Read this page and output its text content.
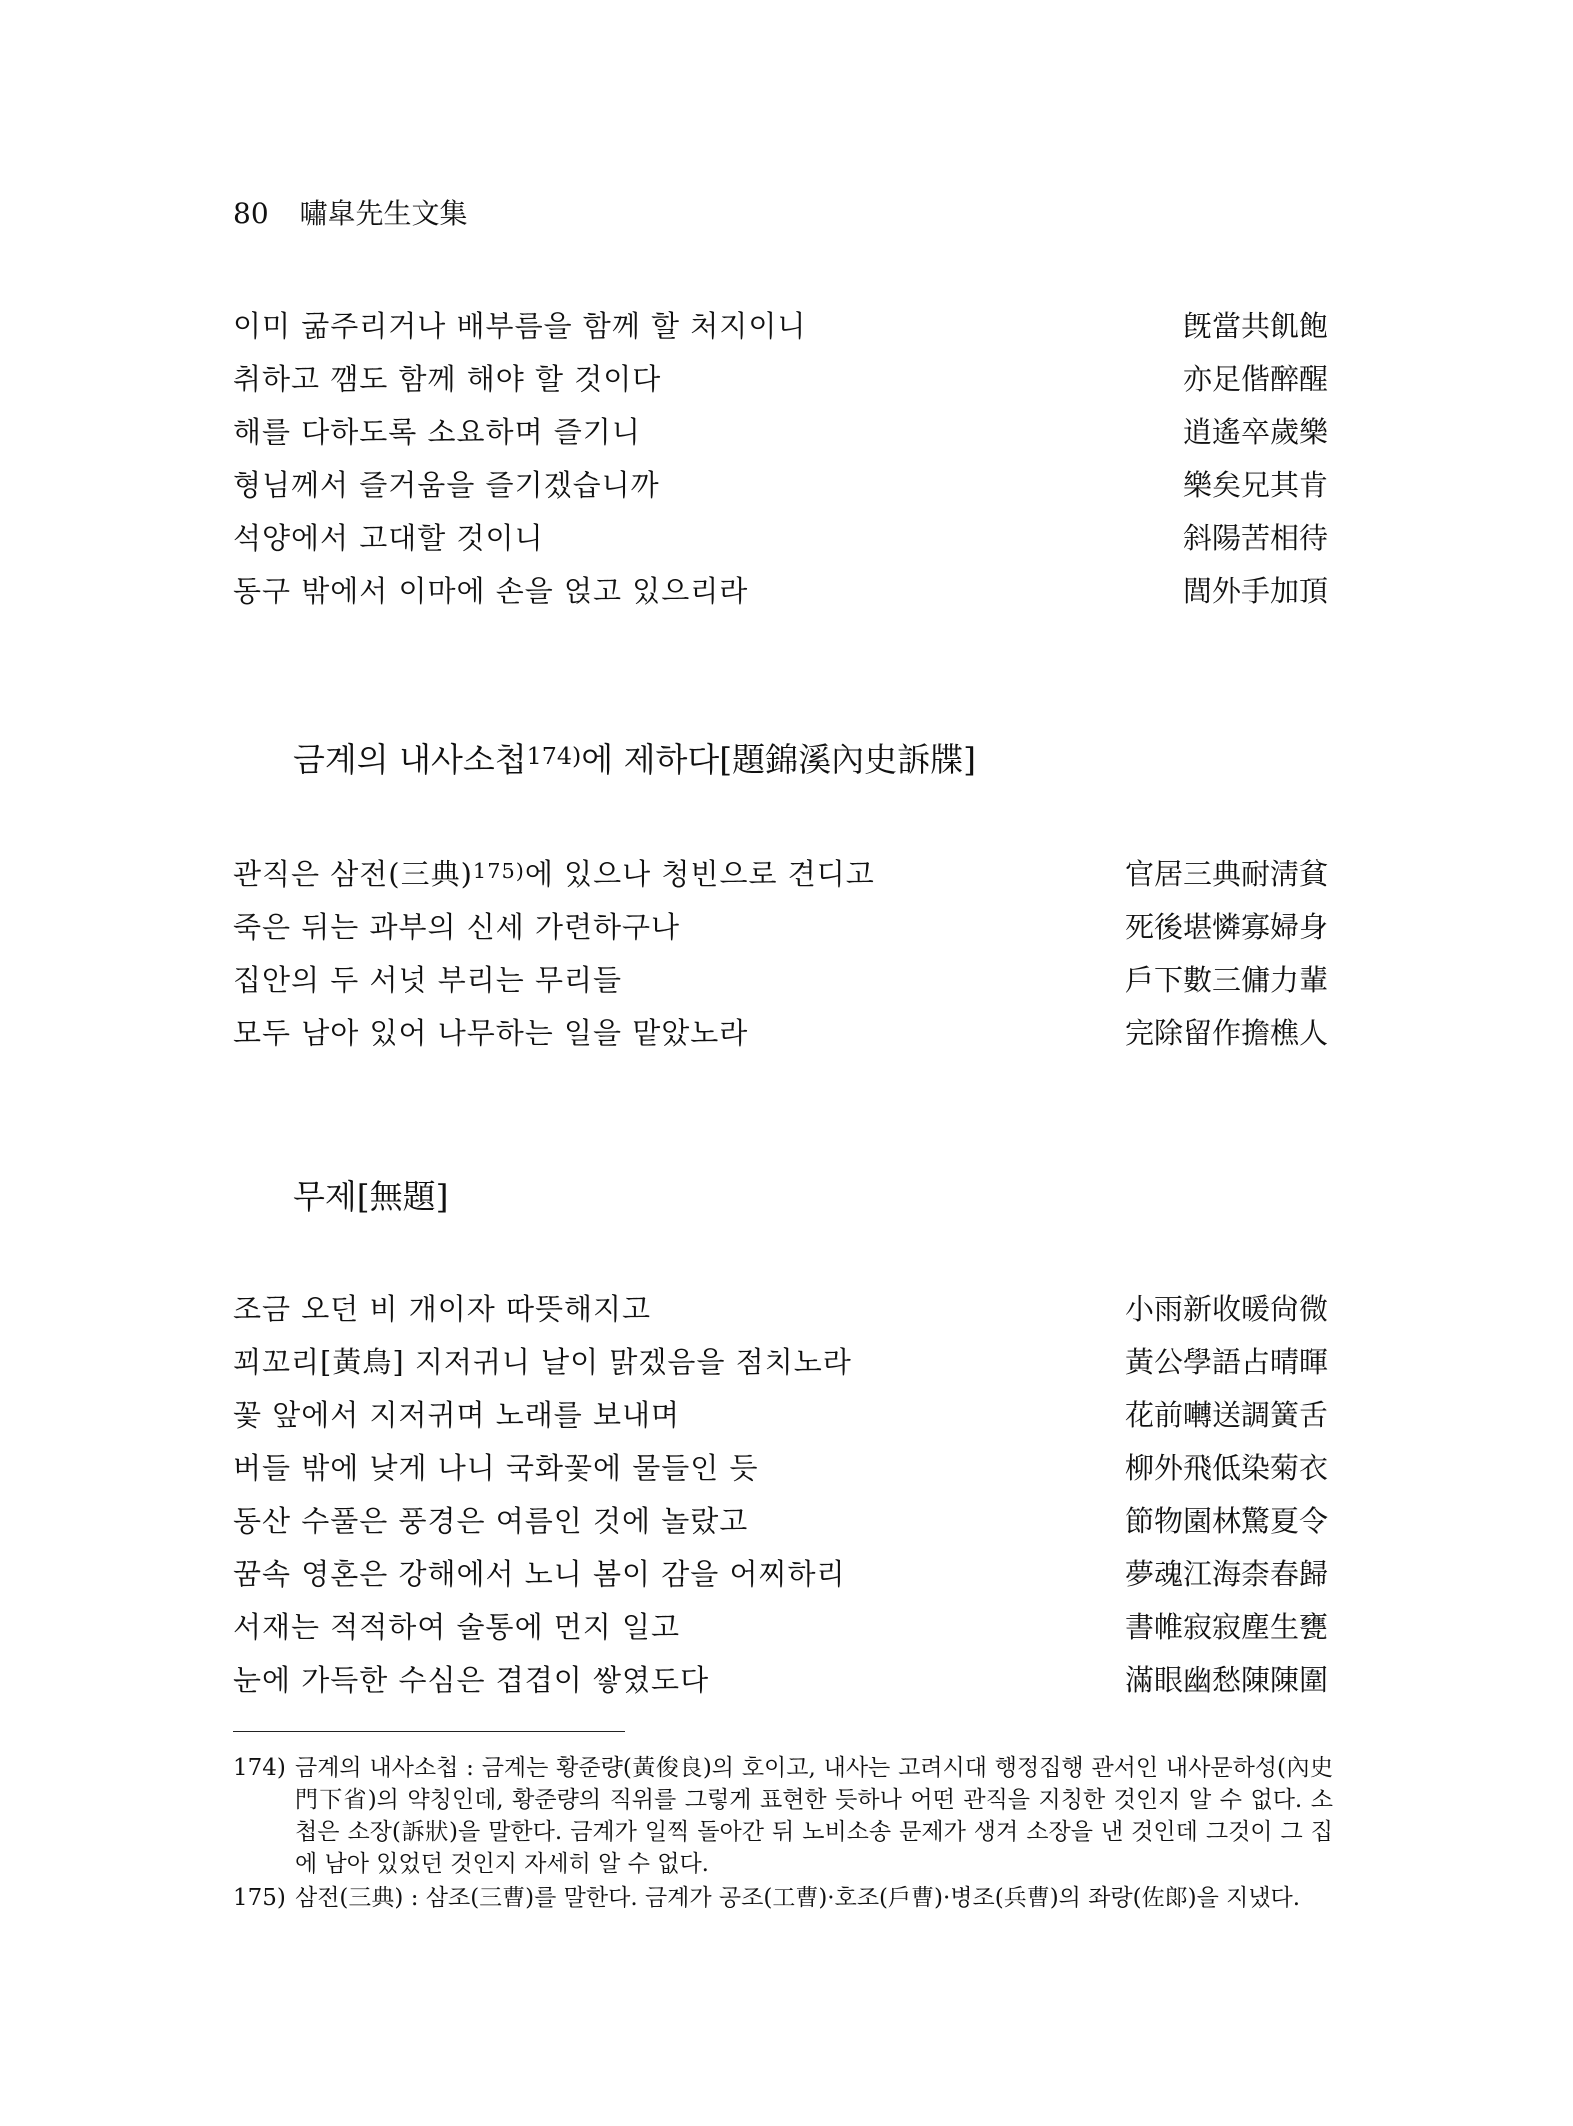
80 嘯皐先生文集
이미 굶주리거나 배부름을 함께 할 처지이니	旣當共飢飽
취하고 깸도 함께 해야 할 것이다	亦足偕醉醒
해를 다하도록 소요하며 즐기니	逍遙卒歲樂
형님께서 즐거움을 즐기겠습니까	樂矣兄其肯
석양에서 고대할 것이니	斜陽苦相待
동구 밖에서 이마에 손을 얹고 있으리라	閭外手加頂
금계의 내사소첩$^{174)}$에 제하다[題錦溪內史訴牒]
관직은 삼전(三典)$^{175)}$에 있으나 청빈으로 견디고	官居三典耐淸貧
죽은 뒤는 과부의 신세 가련하구나	死後堪憐寡婦身
집안의 두 서넛 부리는 무리들	戶下數三傭力輩
모두 남아 있어 나무하는 일을 맡았노라	完除留作擔樵人
무제[無題]
조금 오던 비 개이자 따뜻해지고	小雨新收暖尙微
꾀꼬리[黃鳥] 지저귀니 날이 맑겠음을 점치노라	黃公學語占晴暉
꽃 앞에서 지저귀며 노래를 보내며	花前囀送調簧舌
버들 밖에 낮게 나니 국화꽃에 물들인 듯	柳外飛低染菊衣
동산 수풀은 풍경은 여름인 것에 놀랐고	節物園林驚夏令
꿈속 영혼은 강해에서 노니 봄이 감을 어찌하리	夢魂江海柰春歸
서재는 적적하여 술통에 먼지 일고	書帷寂寂塵生甕
눈에 가득한 수심은 겹겹이 쌓였도다	滿眼幽愁陳陳圍
174) 금계의 내사소첩 : 금계는 황준량(黃俊良)의 호이고, 내사는 고려시대 행정집행 관서인 내사문하성(內史門下省)의 약칭인데, 황준량의 직위를 그렇게 표현한 듯하나 어떤 관직을 지칭한 것인지 알 수 없다. 소첩은 소장(訴狀)을 말한다. 금계가 일찍 돌아간 뒤 노비소송 문제가 생겨 소장을 낸 것인데 그것이 그 집에 남아 있었던 것인지 자세히 알 수 없다.
175) 삼전(三典) : 삼조(三曹)를 말한다. 금계가 공조(工曹)·호조(戶曹)·병조(兵曹)의 좌랑(佐郞)을 지냈다.
